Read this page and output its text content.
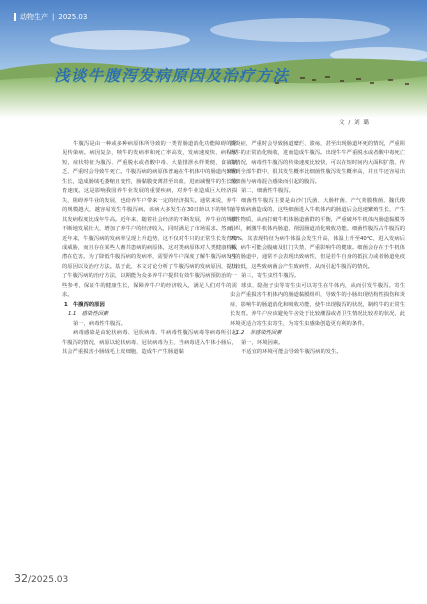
动物生产 | 2025.03
浅谈牛腹泻发病原因及治疗方法
文 / 刘 璐

牛腹泻是由一种或多种病原体所导致的一类胃肠道消化功能障碍的常见传染病。病因复杂，犊牛的发病率和死亡率高发，发病速度快，病程较短，症状特征为腹泻、严重脱水或者酸中毒、大量排泄水样粪便、食欲缺乏，严重时会导致牛死亡。牛腹泻病的病原体普遍在牛机体中的肠道内繁殖生长，造成肠绒毛萎缩且变性，肠黏膜变薄甚至出血，进而减慢牛的生长发育速度。这是影响我国养牛业发展的重要疾病，对养牛业造成巨大经济损失，阻碍养牛业的发展，也给养牛户带来一定的经济损失。通常来说，养牛的规模越大，越容易发生牛腹泻病。该病大多发生在30日龄以下的犊牛，其发病程度比成年牛高。近年来，随着社会经济的不断发展，养牛业的规模不断地发展壮大，增加了养牛户的经济收入，同时满足了市场需求。然而，近年来，牛腹泻病的发病率呈现上升趋势，这不仅对牛只的正常生长发育构成威胁，而且存在某些人畜共患病的病原体，这对类病原体对人类健康构成潜在危害。为了降低牛腹泻病的发病率，需要养牛户深度了解牛腹泻病发生的原因以及治疗方法。基于此，本文讨论分析了牛腹泻病的发病原因，提出了牛腹泻病的治疗方法，以期能为众多养牛户提供有效牛腹泻病预防治的一些参考，保证牛的健康生长，保障养牛户的经济收入，满足人们对牛的需求。

1　牛腹泻的原因

1.1　感染性因素

第一，病毒性牛腹泻。

病毒感染是由轮状病毒、冠状病毒、牛病毒性腹泻病毒等病毒所引起牛腹泻的情况，病原以轮状病毒、冠状病毒为主，当病毒进入牛体小肠后，其会严重损害小肠绒毛上皮细胞，造成牛产生肠道黏

膜炎症，严重时会导致肠道糜烂、溃疡，甚至出现肠道坏死的情况，严重阻碍牛的正常消化吸收，进而造成牛腹泻。出现牛牛严重脱水或者酸中毒死亡的情况，病毒性牛腹泻的传染速度比较快，可以在短时间内大面积扩散，传播到全部牛群中，很其发生概率比细菌性腹泻发生概率高，并且牛还容易出现细菌与病毒混合感染而引起的腹泻。

第二，细菌性牛腹泻。

细菌性牛腹泻主要是由沙门氏菌、大肠杆菌、产气荚膜梭菌、魏氏梭菌等致病菌造成的，这些细菌进入牛机体内的肠道后会迅速繁殖生长，产生毒性物质，从而打破牛机体肠道菌群的平衡，严重破坏牛机体内肠道黏膜等组织，刺激牛机体内肠道，削弱肠道消化吸收功能。细菌性腹泻占牛腹泻的70%，其表现特征为病牛体温会发生升高，体温上升至40℃，进入发病后期，病牛可能会腹痛及肛门失禁，严重影响牛的健康。细菌会存在于牛机体内的肠道中，通常不会表现出致病性，但是若牛自身的抵抗力或者肠道免疫力较低，这些致病菌会产生致病性，从而引起牛腹泻的情况。

第三，寄生虫性牛腹泻。

球虫、隐孢子虫等寄生虫可以寄生在牛体内，从而引发牛腹泻。寄生虫会严重损害牛机体内的肠道黏膜组织，导致牛的小肠出现结构性损伤和炎症，影响牛的肠道消化和吸收功能，使牛出现腹泻的状况，制约牛的正常生长发育。养牛户应该避免牛舍处于比较潮湿或者卫生情况比较差的状况，此环境更适合寄生虫寄生，为寄生虫感染创造更有利的条件。

1.2　非感染性因素

第一，环境因素。

不适宜的环境可能会导致牛腹泻病的发生。

32/2025.03
